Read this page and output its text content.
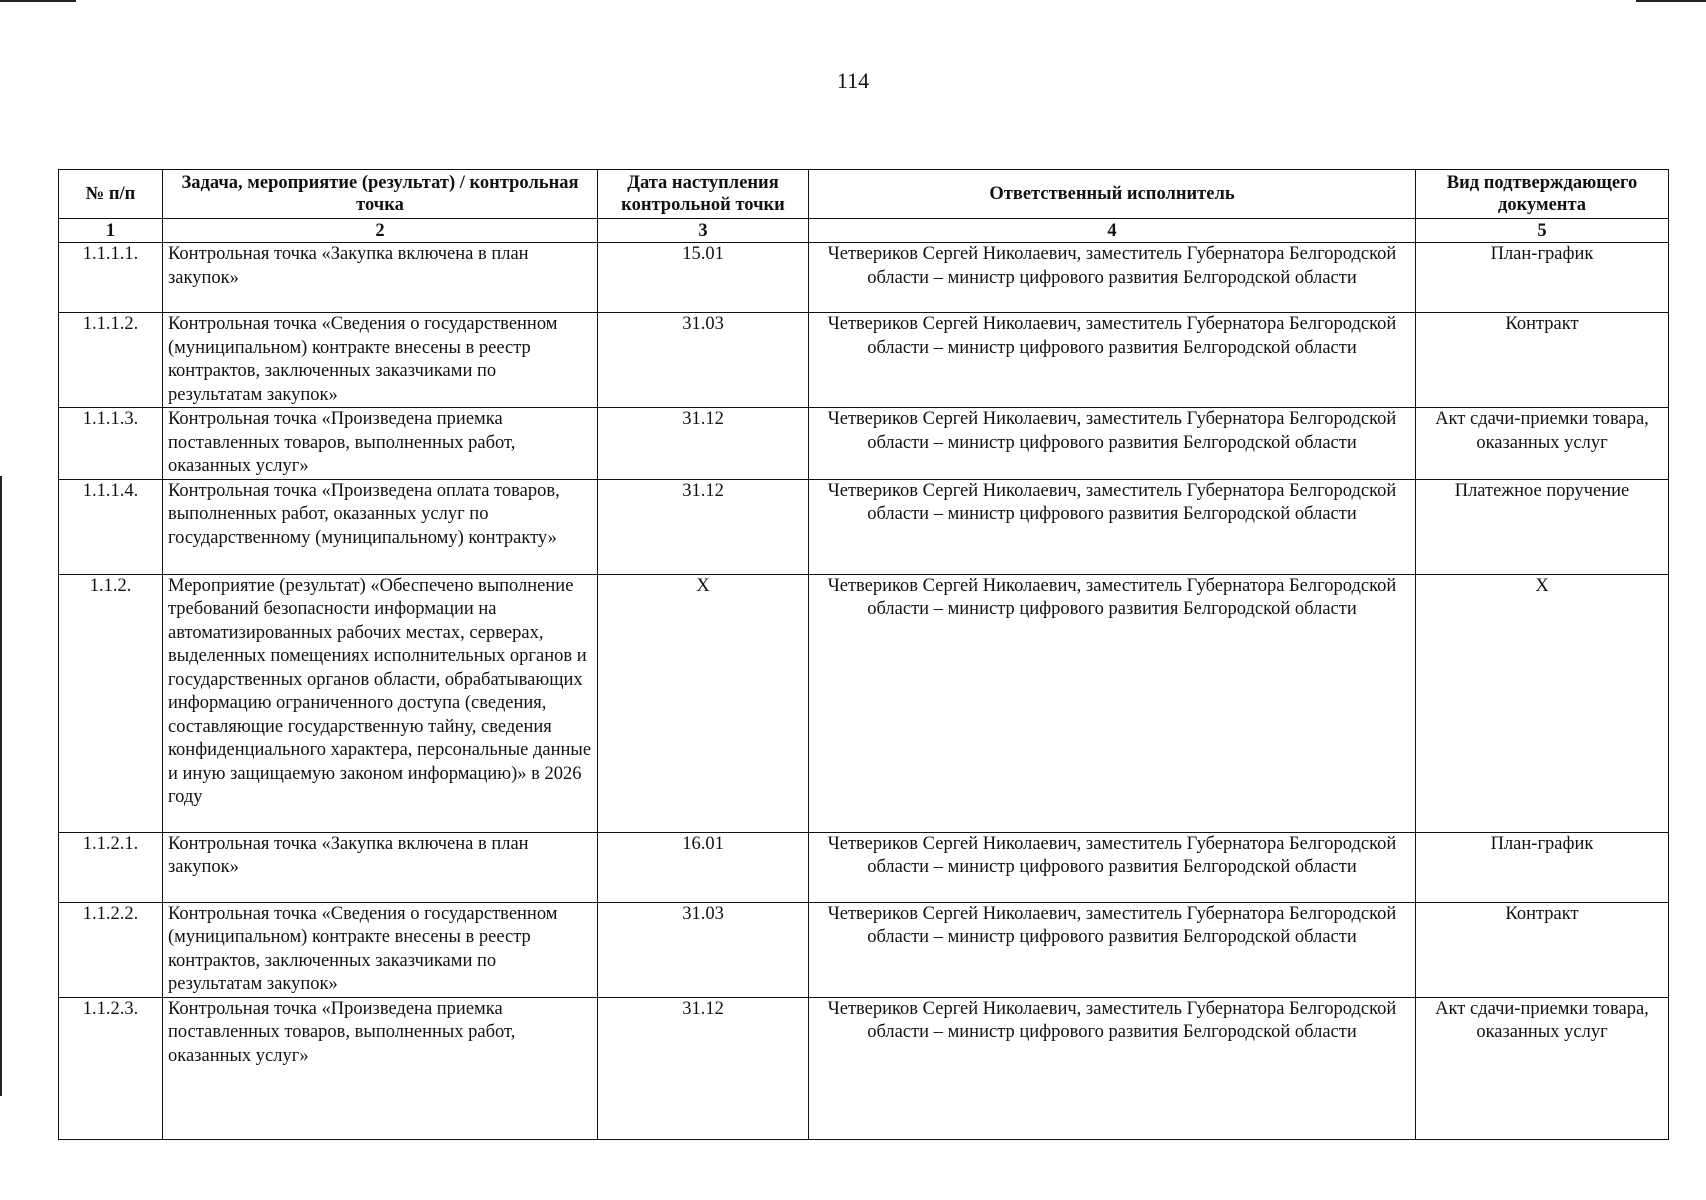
114
№ п/п	Задача, мероприятие (результат) / контрольная точка	Дата наступления контрольной точки	Ответственный исполнитель	Вид подтверждающего документа
1	2	3	4	5
1.1.1.1.	Контрольная точка «Закупка включена в план закупок»	15.01	Четвериков Сергей Николаевич, заместитель Губернатора Белгородской области – министр цифрового развития Белгородской области	План-график
1.1.1.2.	Контрольная точка «Сведения о государственном (муниципальном) контракте внесены в реестр контрактов, заключенных заказчиками по результатам закупок»	31.03	Четвериков Сергей Николаевич, заместитель Губернатора Белгородской области – министр цифрового развития Белгородской области	Контракт
1.1.1.3.	Контрольная точка «Произведена приемка поставленных товаров, выполненных работ, оказанных услуг»	31.12	Четвериков Сергей Николаевич, заместитель Губернатора Белгородской области – министр цифрового развития Белгородской области	Акт сдачи-приемки товара, оказанных услуг
1.1.1.4.	Контрольная точка «Произведена оплата товаров, выполненных работ, оказанных услуг по государственному (муниципальному) контракту»	31.12	Четвериков Сергей Николаевич, заместитель Губернатора Белгородской области – министр цифрового развития Белгородской области	Платежное поручение
1.1.2.	Мероприятие (результат) «Обеспечено выполнение требований безопасности информации на автоматизированных рабочих местах, серверах, выделенных помещениях исполнительных органов и государственных органов области, обрабатывающих информацию ограниченного доступа (сведения, составляющие государственную тайну, сведения конфиденциального характера, персональные данные и иную защищаемую законом информацию)» в 2026 году	X	Четвериков Сергей Николаевич, заместитель Губернатора Белгородской области – министр цифрового развития Белгородской области	X
1.1.2.1.	Контрольная точка «Закупка включена в план закупок»	16.01	Четвериков Сергей Николаевич, заместитель Губернатора Белгородской области – министр цифрового развития Белгородской области	План-график
1.1.2.2.	Контрольная точка «Сведения о государственном (муниципальном) контракте внесены в реестр контрактов, заключенных заказчиками по результатам закупок»	31.03	Четвериков Сергей Николаевич, заместитель Губернатора Белгородской области – министр цифрового развития Белгородской области	Контракт
1.1.2.3.	Контрольная точка «Произведена приемка поставленных товаров, выполненных работ, оказанных услуг»	31.12	Четвериков Сергей Николаевич, заместитель Губернатора Белгородской области – министр цифрового развития Белгородской области	Акт сдачи-приемки товара, оказанных услуг
